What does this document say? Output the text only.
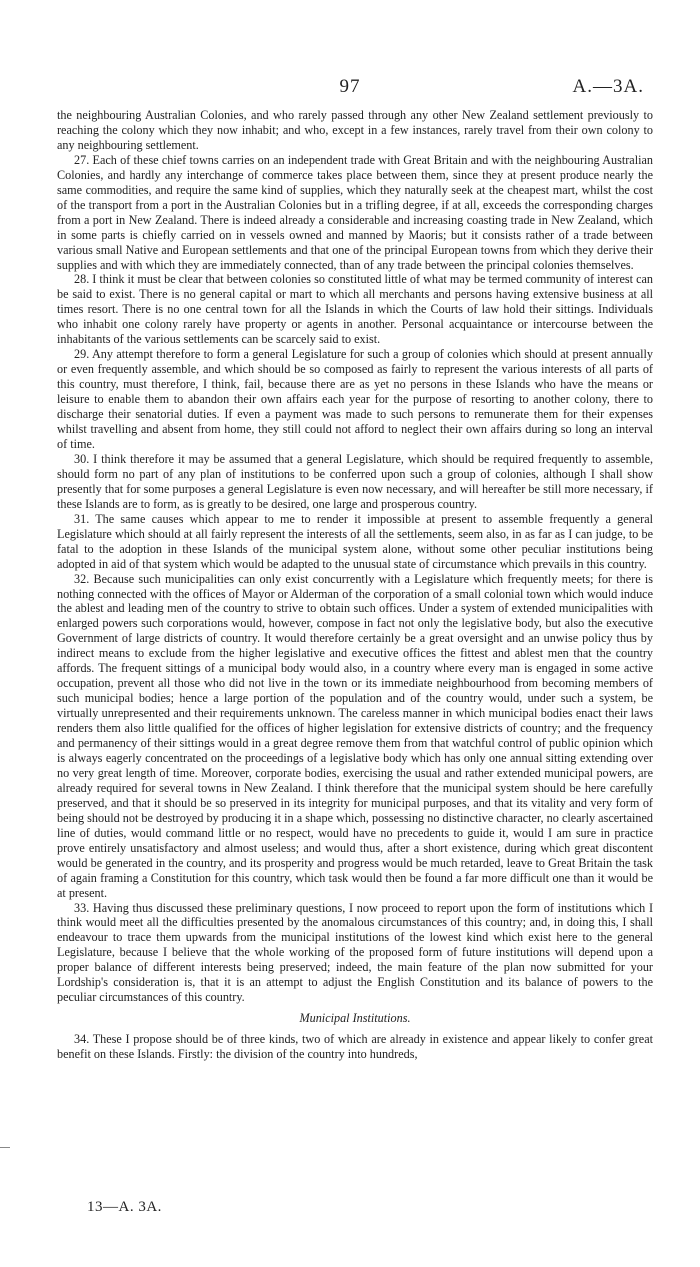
97	A.—3A.

the neighbouring Australian Colonies, and who rarely passed through any other New Zealand settlement previously to reaching the colony which they now inhabit; and who, except in a few instances, rarely travel from their own colony to any neighbouring settlement.

27. Each of these chief towns carries on an independent trade with Great Britain and with the neighbouring Australian Colonies, and hardly any interchange of commerce takes place between them, since they at present produce nearly the same commodities, and require the same kind of supplies, which they naturally seek at the cheapest mart, whilst the cost of the transport from a port in the Australian Colonies but in a trifling degree, if at all, exceeds the corresponding charges from a port in New Zealand. There is indeed already a considerable and increasing coasting trade in New Zealand, which in some parts is chiefly carried on in vessels owned and manned by Maoris; but it consists rather of a trade between various small Native and European settlements and that one of the principal European towns from which they derive their supplies and with which they are immediately connected, than of any trade between the principal colonies themselves.

28. I think it must be clear that between colonies so constituted little of what may be termed community of interest can be said to exist. There is no general capital or mart to which all merchants and persons having extensive business at all times resort. There is no one central town for all the Islands in which the Courts of law hold their sittings. Individuals who inhabit one colony rarely have property or agents in another. Personal acquaintance or intercourse between the inhabitants of the various settlements can be scarcely said to exist.

29. Any attempt therefore to form a general Legislature for such a group of colonies which should at present annually or even frequently assemble, and which should be so composed as fairly to represent the various interests of all parts of this country, must therefore, I think, fail, because there are as yet no persons in these Islands who have the means or leisure to enable them to abandon their own affairs each year for the purpose of resorting to another colony, there to discharge their senatorial duties. If even a payment was made to such persons to remunerate them for their expenses whilst travelling and absent from home, they still could not afford to neglect their own affairs during so long an interval of time.

30. I think therefore it may be assumed that a general Legislature, which should be required frequently to assemble, should form no part of any plan of institutions to be conferred upon such a group of colonies, although I shall show presently that for some purposes a general Legislature is even now necessary, and will hereafter be still more necessary, if these Islands are to form, as is greatly to be desired, one large and prosperous country.

31. The same causes which appear to me to render it impossible at present to assemble frequently a general Legislature which should at all fairly represent the interests of all the settlements, seem also, in as far as I can judge, to be fatal to the adoption in these Islands of the municipal system alone, without some other peculiar institutions being adopted in aid of that system which would be adapted to the unusual state of circumstance which prevails in this country.

32. Because such municipalities can only exist concurrently with a Legislature which frequently meets; for there is nothing connected with the offices of Mayor or Alderman of the corporation of a small colonial town which would induce the ablest and leading men of the country to strive to obtain such offices. Under a system of extended municipalities with enlarged powers such corporations would, however, compose in fact not only the legislative body, but also the executive Government of large districts of country. It would therefore certainly be a great oversight and an unwise policy thus by indirect means to exclude from the higher legislative and executive offices the fittest and ablest men that the country affords. The frequent sittings of a municipal body would also, in a country where every man is engaged in some active occupation, prevent all those who did not live in the town or its immediate neighbourhood from becoming members of such municipal bodies; hence a large portion of the population and of the country would, under such a system, be virtually unrepresented and their requirements unknown. The careless manner in which municipal bodies enact their laws renders them also little qualified for the offices of higher legislation for extensive districts of country; and the frequency and permanency of their sittings would in a great degree remove them from that watchful control of public opinion which is always eagerly concentrated on the proceedings of a legislative body which has only one annual sitting extending over no very great length of time. Moreover, corporate bodies, exercising the usual and rather extended municipal powers, are already required for several towns in New Zealand. I think therefore that the municipal system should be here carefully preserved, and that it should be so preserved in its integrity for municipal purposes, and that its vitality and very form of being should not be destroyed by producing it in a shape which, possessing no distinctive character, no clearly ascertained line of duties, would command little or no respect, would have no precedents to guide it, would I am sure in practice prove entirely unsatisfactory and almost useless; and would thus, after a short existence, during which great discontent would be generated in the country, and its prosperity and progress would be much retarded, leave to Great Britain the task of again framing a Constitution for this country, which task would then be found a far more difficult one than it would be at present.

33. Having thus discussed these preliminary questions, I now proceed to report upon the form of institutions which I think would meet all the difficulties presented by the anomalous circumstances of this country; and, in doing this, I shall endeavour to trace them upwards from the municipal institutions of the lowest kind which exist here to the general Legislature, because I believe that the whole working of the proposed form of future institutions will depend upon a proper balance of different interests being preserved; indeed, the main feature of the plan now submitted for your Lordship's consideration is, that it is an attempt to adjust the English Constitution and its balance of powers to the peculiar circumstances of this country.

Municipal Institutions.

34. These I propose should be of three kinds, two of which are already in existence and appear likely to confer great benefit on these Islands. Firstly: the division of the country into hundreds,

13—A. 3A.
